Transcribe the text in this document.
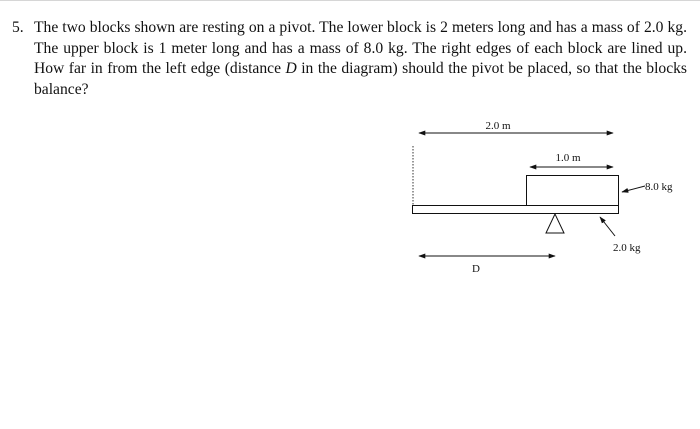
5. The two blocks shown are resting on a pivot. The lower block is 2 meters long and has a mass of 2.0 kg. The upper block is 1 meter long and has a mass of 8.0 kg. The right edges of each block are lined up. How far in from the left edge (distance D in the diagram) should the pivot be placed, so that the blocks balance?
2.0 m
1.0 m
8.0 kg
2.0 kg
D
